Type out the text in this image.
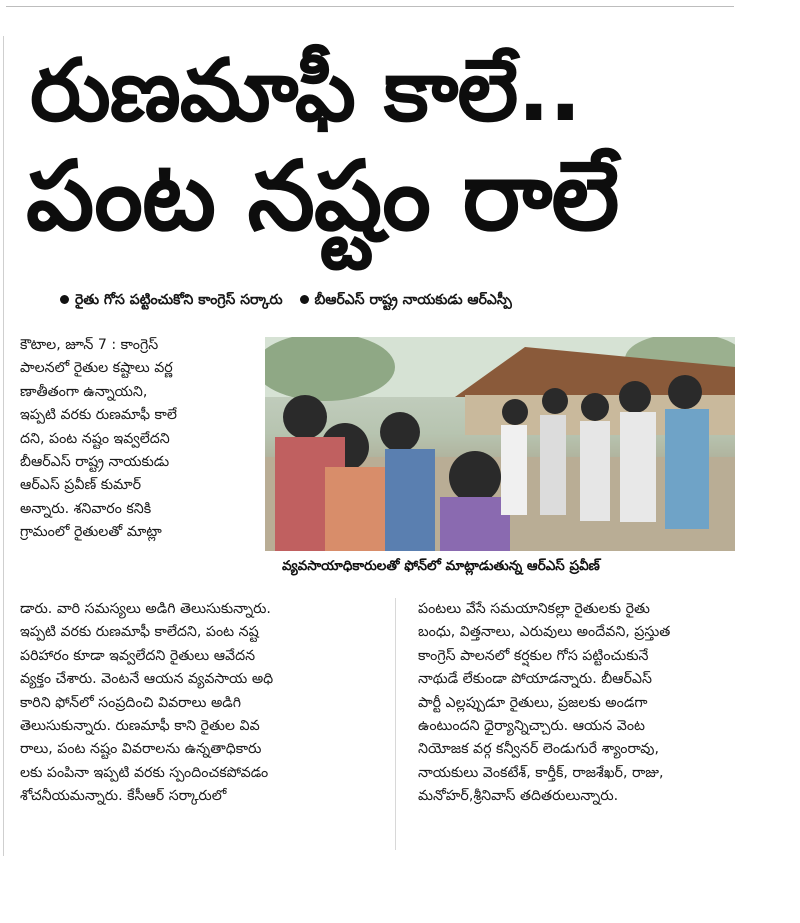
రుణమాఫీ కాలే..
పంట నష్టం రాలే
రైతు గోస పట్టించుకోని కాంగ్రెస్ సర్కారు బీఆర్ఎస్ రాష్ట్ర నాయకుడు ఆర్ఎస్పీ

కౌటాల, జూన్ 7 : కాంగ్రెస్

పాలనలో రైతుల కష్టాలు వర్ణ

ణాతీతంగా ఉన్నాయని,

ఇప్పటి వరకు రుణమాఫీ కాలే

దని, పంట నష్టం ఇవ్వలేదని

బీఆర్ఎస్ రాష్ట్ర నాయకుడు

ఆర్ఎస్ ప్రవీణ్ కుమార్

అన్నారు. శనివారం కనికి

గ్రామంలో రైతులతో మాట్లా

వ్యవసాయాధికారులతో ఫోన్‌లో మాట్లాడుతున్న ఆర్ఎస్ ప్రవీణ్

డారు. వారి సమస్యలు అడిగి తెలుసుకున్నారు.

ఇప్పటి వరకు రుణమాఫీ కాలేదని, పంట నష్ట

పరిహారం కూడా ఇవ్వలేదని రైతులు ఆవేదన

వ్యక్తం చేశారు. వెంటనే ఆయన వ్యవసాయ అధి

కారిని ఫోన్‌లో సంప్రదించి వివరాలు అడిగి

తెలుసుకున్నారు. రుణమాఫీ కాని రైతుల వివ

రాలు, పంట నష్టం వివరాలను ఉన్నతాధికారు

లకు పంపినా ఇప్పటి వరకు స్పందించకపోవడం

శోచనీయమన్నారు. కేసీఆర్ సర్కారులో

పంటలు వేసే సమయానికల్లా రైతులకు రైతు

బంధు, విత్తనాలు, ఎరువులు అందేవని, ప్రస్తుత

కాంగ్రెస్ పాలనలో కర్షకుల గోస పట్టించుకునే

నాథుడే లేకుండా పోయాడన్నారు. బీఆర్ఎస్

పార్టీ ఎల్లప్పుడూ రైతులు, ప్రజలకు అండగా

ఉంటుందని ధైర్యాన్నిచ్చారు. ఆయన వెంట

నియోజక వర్గ కన్వీనర్ లెండుగురే శ్యాంరావు,

నాయకులు వెంకటేశ్, కార్తీక్, రాజశేఖర్, రాజు,

మనోహర్,శ్రీనివాస్ తదితరులున్నారు.
